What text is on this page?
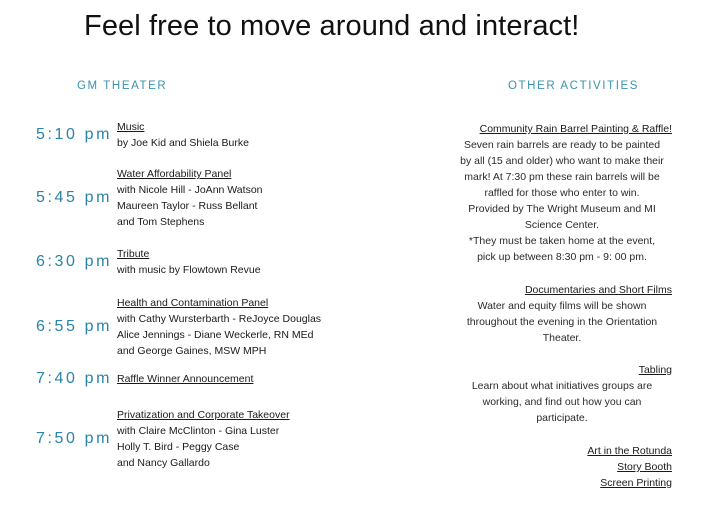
Feel free to move around and interact!
GM THEATER	OTHER ACTIVITIES
5:10 pm Music
by Joe Kid and Shiela Burke
5:45 pm
Water Affordability Panel
with Nicole Hill - JoAnn Watson
Maureen Taylor - Russ Bellant
and Tom Stephens
6:30 pm Tribute
with music by Flowtown Revue
6:55 pm
Health and Contamination Panel
with Cathy Wursterbarth - ReJoyce Douglas
Alice Jennings - Diane Weckerle, RN MEd
and George Gaines, MSW MPH
7:40 pm Raffle Winner Announcement
7:50 pm
Privatization and Corporate Takeover
with Claire McClinton - Gina Luster
Holly T. Bird - Peggy Case
and Nancy Gallardo
Community Rain Barrel Painting & Raffle!
Seven rain barrels are ready to be painted
by all (15 and older) who want to make their
mark! At 7:30 pm these rain barrels will be
raffled for those who enter to win.
Provided by The Wright Museum and MI
Science Center.
*They must be taken home at the event,
pick up between 8:30 pm - 9: 00 pm.
Documentaries and Short Films
Water and equity films will be shown
throughout the evening in the Orientation
Theater.
Tabling
Learn about what initiatives groups are
working, and find out how you can
participate.
Art in the Rotunda
Story Booth
Screen Printing
